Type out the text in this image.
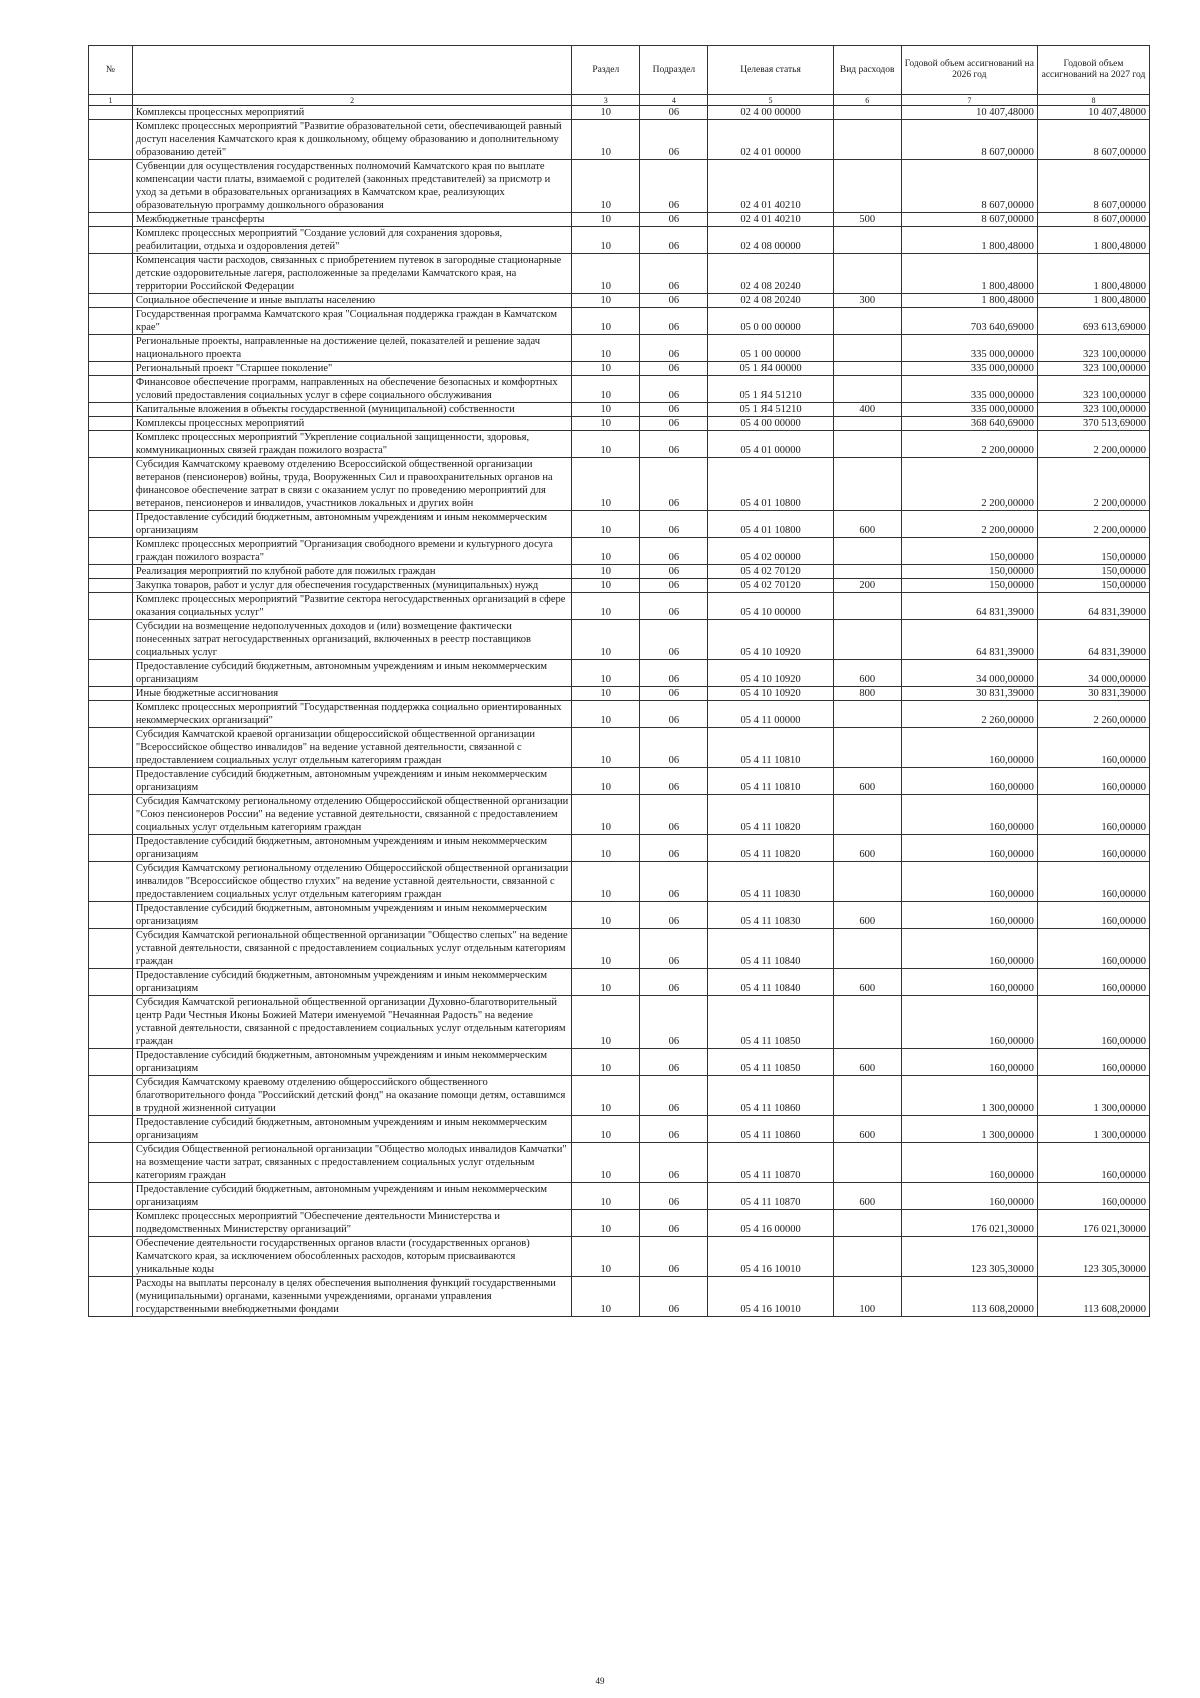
№		Раздел	Подраздел	Целевая статья	Вид расходов	Годовой объем ассигнований на 2026 год	Годовой объем ассигнований на 2027 год
1	2	3	4	5	6	7	8
	Комплексы процессных мероприятий	10	06	02 4 00 00000		10 407,48000	10 407,48000
	Комплекс процессных мероприятий "Развитие образовательной сети, обеспечивающей равный доступ населения Камчатского края к дошкольному, общему образованию и дополнительному образованию детей"	10	06	02 4 01 00000		8 607,00000	8 607,00000
	Субвенции для осуществления государственных полномочий Камчатского края по выплате компенсации части платы, взимаемой с родителей (законных представителей) за присмотр и уход за детьми в образовательных организациях в Камчатском крае, реализующих образовательную программу дошкольного образования	10	06	02 4 01 40210		8 607,00000	8 607,00000
	Межбюджетные трансферты	10	06	02 4 01 40210	500	8 607,00000	8 607,00000
	Комплекс процессных мероприятий "Создание условий для сохранения здоровья, реабилитации, отдыха и оздоровления детей"	10	06	02 4 08 00000		1 800,48000	1 800,48000
	Компенсация части расходов, связанных с приобретением путевок в загородные стационарные детские оздоровительные лагеря, расположенные за пределами Камчатского края, на территории Российской Федерации	10	06	02 4 08 20240		1 800,48000	1 800,48000
	Социальное обеспечение и иные выплаты населению	10	06	02 4 08 20240	300	1 800,48000	1 800,48000
	Государственная программа Камчатского края "Социальная поддержка граждан в Камчатском крае"	10	06	05 0 00 00000		703 640,69000	693 613,69000
	Региональные проекты, направленные на достижение целей, показателей и решение задач национального проекта	10	06	05 1 00 00000		335 000,00000	323 100,00000
	Региональный проект "Старшее поколение"	10	06	05 1 Я4 00000		335 000,00000	323 100,00000
	Финансовое обеспечение программ, направленных на обеспечение безопасных и комфортных условий предоставления социальных услуг в сфере социального обслуживания	10	06	05 1 Я4 51210		335 000,00000	323 100,00000
	Капитальные вложения в объекты государственной (муниципальной) собственности	10	06	05 1 Я4 51210	400	335 000,00000	323 100,00000
	Комплексы процессных мероприятий	10	06	05 4 00 00000		368 640,69000	370 513,69000
	Комплекс процессных мероприятий "Укрепление социальной защищенности, здоровья, коммуникационных связей граждан пожилого возраста"	10	06	05 4 01 00000		2 200,00000	2 200,00000
	Субсидия Камчатскому краевому отделению Всероссийской общественной организации ветеранов (пенсионеров) войны, труда, Вооруженных Сил и правоохранительных органов на финансовое обеспечение затрат в связи с оказанием услуг по проведению мероприятий для ветеранов, пенсионеров и инвалидов, участников локальных и других войн	10	06	05 4 01 10800		2 200,00000	2 200,00000
	Предоставление субсидий бюджетным, автономным учреждениям и иным некоммерческим организациям	10	06	05 4 01 10800	600	2 200,00000	2 200,00000
	Комплекс процессных мероприятий "Организация свободного времени и культурного досуга граждан пожилого возраста"	10	06	05 4 02 00000		150,00000	150,00000
	Реализация мероприятий по клубной работе для пожилых граждан	10	06	05 4 02 70120		150,00000	150,00000
	Закупка товаров, работ и услуг для обеспечения государственных (муниципальных) нужд	10	06	05 4 02 70120	200	150,00000	150,00000
	Комплекс процессных мероприятий "Развитие сектора негосударственных организаций в сфере оказания социальных услуг"	10	06	05 4 10 00000		64 831,39000	64 831,39000
	Субсидии на возмещение недополученных доходов и (или) возмещение фактически понесенных затрат негосударственных организаций, включенных в реестр поставщиков социальных услуг	10	06	05 4 10 10920		64 831,39000	64 831,39000
	Предоставление субсидий бюджетным, автономным учреждениям и иным некоммерческим организациям	10	06	05 4 10 10920	600	34 000,00000	34 000,00000
	Иные бюджетные ассигнования	10	06	05 4 10 10920	800	30 831,39000	30 831,39000
	Комплекс процессных мероприятий "Государственная поддержка социально ориентированных некоммерческих организаций"	10	06	05 4 11 00000		2 260,00000	2 260,00000
	Субсидия Камчатской краевой организации общероссийской общественной организации "Всероссийское общество инвалидов" на ведение уставной деятельности, связанной с предоставлением социальных услуг отдельным категориям граждан	10	06	05 4 11 10810		160,00000	160,00000
	Предоставление субсидий бюджетным, автономным учреждениям и иным некоммерческим организациям	10	06	05 4 11 10810	600	160,00000	160,00000
	Субсидия Камчатскому региональному отделению Общероссийской общественной организации "Союз пенсионеров России" на ведение уставной деятельности, связанной с предоставлением социальных услуг отдельным категориям граждан	10	06	05 4 11 10820		160,00000	160,00000
	Предоставление субсидий бюджетным, автономным учреждениям и иным некоммерческим организациям	10	06	05 4 11 10820	600	160,00000	160,00000
	Субсидия Камчатскому региональному отделению Общероссийской общественной организации инвалидов "Всероссийское общество глухих" на ведение уставной деятельности, связанной с предоставлением социальных услуг отдельным категориям граждан	10	06	05 4 11 10830		160,00000	160,00000
	Предоставление субсидий бюджетным, автономным учреждениям и иным некоммерческим организациям	10	06	05 4 11 10830	600	160,00000	160,00000
	Субсидия Камчатской региональной общественной организации "Общество слепых" на ведение уставной деятельности, связанной с предоставлением социальных услуг отдельным категориям граждан	10	06	05 4 11 10840		160,00000	160,00000
	Предоставление субсидий бюджетным, автономным учреждениям и иным некоммерческим организациям	10	06	05 4 11 10840	600	160,00000	160,00000
	Субсидия Камчатской региональной общественной организации Духовно-благотворительный центр Ради Честныя Иконы Божией Матери именуемой "Нечаянная Радость" на ведение уставной деятельности, связанной с предоставлением социальных услуг отдельным категориям граждан	10	06	05 4 11 10850		160,00000	160,00000
	Предоставление субсидий бюджетным, автономным учреждениям и иным некоммерческим организациям	10	06	05 4 11 10850	600	160,00000	160,00000
	Субсидия Камчатскому краевому отделению общероссийского общественного благотворительного фонда "Российский детский фонд" на оказание помощи детям, оставшимся в трудной жизненной ситуации	10	06	05 4 11 10860		1 300,00000	1 300,00000
	Предоставление субсидий бюджетным, автономным учреждениям и иным некоммерческим организациям	10	06	05 4 11 10860	600	1 300,00000	1 300,00000
	Субсидия Общественной региональной организации "Общество молодых инвалидов Камчатки" на возмещение части затрат, связанных с предоставлением социальных услуг отдельным категориям граждан	10	06	05 4 11 10870		160,00000	160,00000
	Предоставление субсидий бюджетным, автономным учреждениям и иным некоммерческим организациям	10	06	05 4 11 10870	600	160,00000	160,00000
	Комплекс процессных мероприятий "Обеспечение деятельности Министерства и подведомственных Министерству организаций"	10	06	05 4 16 00000		176 021,30000	176 021,30000
	Обеспечение деятельности государственных органов власти (государственных органов) Камчатского края, за исключением обособленных расходов, которым присваиваются уникальные коды	10	06	05 4 16 10010		123 305,30000	123 305,30000
	Расходы на выплаты персоналу в целях обеспечения выполнения функций государственными (муниципальными) органами, казенными учреждениями, органами управления государственными внебюджетными фондами	10	06	05 4 16 10010	100	113 608,20000	113 608,20000
49
